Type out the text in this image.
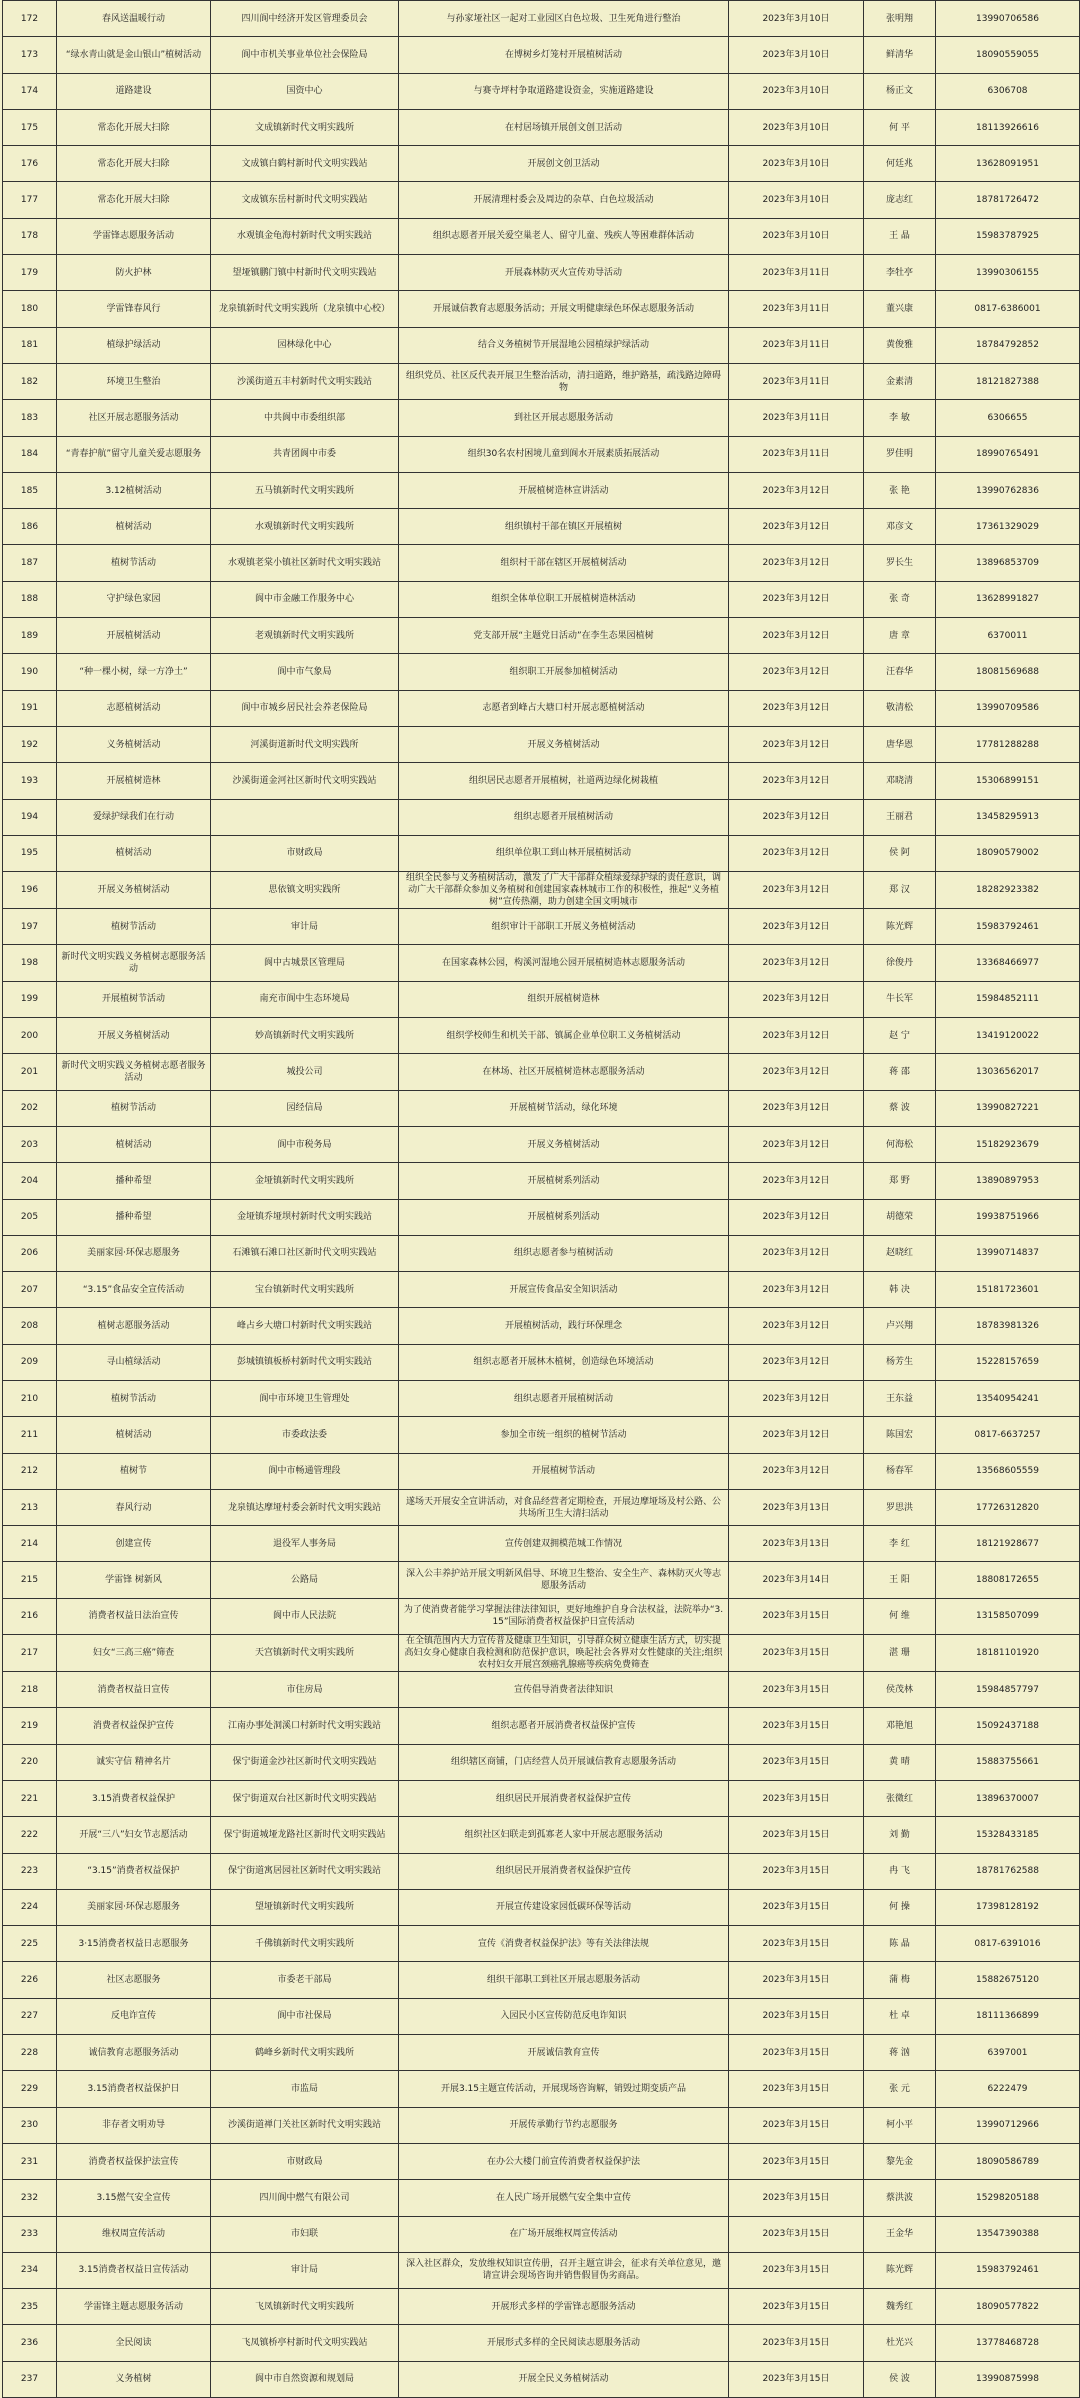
172	春风送温暖行动	四川阆中经济开发区管理委员会	与孙家垭社区一起对工业园区白色垃圾、卫生死角进行整治	2023年3月10日	张明翔	13990706586
173	“绿水青山就是金山银山”植树活动	阆中市机关事业单位社会保险局	在博树乡灯笼村开展植树活动	2023年3月10日	鲜清华	18090559055
174	道路建设	国资中心	与赛寺坪村争取道路建设资金，实施道路建设	2023年3月10日	杨正文	6306708
175	常态化开展大扫除	文成镇新时代文明实践所	在村居场镇开展创文创卫活动	2023年3月10日	何 平	18113926616
176	常态化开展大扫除	文成镇白鹤村新时代文明实践站	开展创文创卫活动	2023年3月10日	何廷兆	13628091951
177	常态化开展大扫除	文成镇东岳村新时代文明实践站	开展清理村委会及周边的杂草、白色垃圾活动	2023年3月10日	庞志红	18781726472
178	学雷锋志愿服务活动	水观镇金龟海村新时代文明实践站	组织志愿者开展关爱空巢老人、留守儿童、残疾人等困难群体活动	2023年3月10日	王 晶	15983787925
179	防火护林	望垭镇鹏门镇中村新时代文明实践站	开展森林防灭火宣传劝导活动	2023年3月11日	李牡亭	13990306155
180	学雷锋春风行	龙泉镇新时代文明实践所（龙泉镇中心校）	开展诚信教育志愿服务活动；开展文明健康绿色环保志愿服务活动	2023年3月11日	董兴康	0817-6386001
181	植绿护绿活动	园林绿化中心	结合义务植树节开展湿地公园植绿护绿活动	2023年3月11日	黄俊雅	18784792852
182	环境卫生整治	沙溪街道五丰村新时代文明实践站	组织党员、社区反代表开展卫生整治活动，清扫道路，维护路基，疏浅路边障碍物	2023年3月11日	金素清	18121827388
183	社区开展志愿服务活动	中共阆中市委组织部	到社区开展志愿服务活动	2023年3月11日	李 敏	6306655
184	“青春护航”留守儿童关爱志愿服务	共青团阆中市委	组织30名农村困境儿童到阆水开展素质拓展活动	2023年3月11日	罗佳明	18990765491
185	3.12植树活动	五马镇新时代文明实践所	开展植树造林宣讲活动	2023年3月12日	张 艳	13990762836
186	植树活动	水观镇新时代文明实践所	组织镇村干部在镇区开展植树	2023年3月12日	邓彦文	17361329029
187	植树节活动	水观镇老棠小镇社区新时代文明实践站	组织村干部在辖区开展植树活动	2023年3月12日	罗长生	13896853709
188	守护绿色家园	阆中市金融工作服务中心	组织全体单位职工开展植树造林活动	2023年3月12日	张 奇	13628991827
189	开展植树活动	老观镇新时代文明实践所	党支部开展“主题党日活动”在李生态果园植树	2023年3月12日	唐 章	6370011
190	“种一棵小树，绿一方净土”	阆中市气象局	组织职工开展参加植树活动	2023年3月12日	汪春华	18081569688
191	志愿植树活动	阆中市城乡居民社会养老保险局	志愿者到峰占大塘口村开展志愿植树活动	2023年3月12日	敬清松	13990709586
192	义务植树活动	河溪街道新时代文明实践所	开展义务植树活动	2023年3月12日	唐华恩	17781288288
193	开展植树造林	沙溪街道金河社区新时代文明实践站	组织居民志愿者开展植树，社道两边绿化树栽植	2023年3月12日	邓晓清	15306899151
194	爱绿护绿我们在行动		组织志愿者开展植树活动	2023年3月12日	王丽君	13458295913
195	植树活动	市财政局	组织单位职工到山林开展植树活动	2023年3月12日	侯 阿	18090579002
196	开展义务植树活动	思依镇文明实践所	组织全民参与义务植树活动，激发了广大干部群众植绿爱绿护绿的责任意识，调动广大干部群众参加义务植树和创建国家森林城市工作的积极性，推起“义务植树”宣传热潮，助力创建全国文明城市	2023年3月12日	郑 汉	18282923382
197	植树节活动	审计局	组织审计干部职工开展义务植树活动	2023年3月12日	陈光辉	15983792461
198	新时代文明实践义务植树志愿服务活动	阆中古城景区管理局	在国家森林公园，构溪河湿地公园开展植树造林志愿服务活动	2023年3月12日	徐俊丹	13368466977
199	开展植树节活动	南充市阆中生态环境局	组织开展植树造林	2023年3月12日	牛长军	15984852111
200	开展义务植树活动	妙高镇新时代文明实践所	组织学校师生和机关干部、镇属企业单位职工义务植树活动	2023年3月12日	赵 宁	13419120022
201	新时代文明实践义务植树志愿者服务活动	城投公司	在林场、社区开展植树造林志愿服务活动	2023年3月12日	蒋 邵	13036562017
202	植树节活动	园经信局	开展植树节活动，绿化环境	2023年3月12日	蔡 波	13990827221
203	植树活动	阆中市税务局	开展义务植树活动	2023年3月12日	何海松	15182923679
204	播种希望	金垭镇新时代文明实践所	开展植树系列活动	2023年3月12日	郑 野	13890897953
205	播种希望	金垭镇乔垭坝村新时代文明实践站	开展植树系列活动	2023年3月12日	胡德荣	19938751966
206	美丽家园·环保志愿服务	石滩镇石滩口社区新时代文明实践站	组织志愿者参与植树活动	2023年3月12日	赵晓红	13990714837
207	“3.15”食品安全宣传活动	宝台镇新时代文明实践所	开展宣传食品安全知识活动	2023年3月12日	韩 决	15181723601
208	植树志愿服务活动	峰占乡大塘口村新时代文明实践站	开展植树活动，践行环保理念	2023年3月12日	卢兴翔	18783981326
209	寻山植绿活动	彭城镇镇板桥村新时代文明实践站	组织志愿者开展林木植树，创造绿色环境活动	2023年3月12日	杨芳生	15228157659
210	植树节活动	阆中市环境卫生管理处	组织志愿者开展植树活动	2023年3月12日	王东益	13540954241
211	植树活动	市委政法委	参加全市统一组织的植树节活动	2023年3月12日	陈国宏	0817-6637257
212	植树节	阆中市畅通管理段	开展植树节活动	2023年3月12日	杨春军	13568605559
213	春风行动	龙泉镇达摩垭村委会新时代文明实践站	遂场天开展安全宣讲活动，对食品经营者定期检查，开展边摩垭场及村公路、公共场所卫生大清扫活动	2023年3月13日	罗思洪	17726312820
214	创建宣传	退役军人事务局	宣传创建双拥模范城工作情况	2023年3月13日	李 红	18121928677
215	学雷锋 树新风	公路局	深入公丰养护站开展文明新风倡导、环境卫生整治、安全生产、森林防灭火等志愿服务活动	2023年3月14日	王 阳	18808172655
216	消费者权益日法治宣传	阆中市人民法院	为了使消费者能学习掌握法律法律知识，更好地维护自身合法权益，法院举办“3.15”国际消费者权益保护日宣传活动	2023年3月15日	何 维	13158507099
217	妇女“三高三癌”筛查	天宫镇新时代文明实践所	在全镇范围内大力宣传普及健康卫生知识，引导群众树立健康生活方式，切实提高妇女身心健康自我检测和防范保护意识，唤起社会各界对女性健康的关注;组织农村妇女开展宫颈癌乳腺癌等疾病免费筛查	2023年3月15日	湛 珊	18181101920
218	消费者权益日宣传	市住房局	宣传倡导消费者法律知识	2023年3月15日	侯茂林	15984857797
219	消费者权益保护宣传	江南办事处洞溪口村新时代文明实践站	组织志愿者开展消费者权益保护宣传	2023年3月15日	邓艳旭	15092437188
220	诚实守信 精神名片	保宁街道金沙社区新时代文明实践站	组织辖区商铺，门店经营人员开展诚信教育志愿服务活动	2023年3月15日	黄 晴	15883755661
221	3.15消费者权益保护	保宁街道双台社区新时代文明实践站	组织居民开展消费者权益保护宣传	2023年3月15日	张微红	13896370007
222	开展“三八”妇女节志愿活动	保宁街道城垭龙路社区新时代文明实践站	组织社区妇联走到孤寡老人家中开展志愿服务活动	2023年3月15日	刘 勤	15328433185
223	“3.15”消费者权益保护	保宁街道寓居园社区新时代文明实践站	组织居民开展消费者权益保护宣传	2023年3月15日	冉 飞	18781762588
224	美丽家园·环保志愿服务	望垭镇新时代文明实践所	开展宣传建设家园低碳环保等活动	2023年3月15日	何 操	17398128192
225	3·15消费者权益日志愿服务	千佛镇新时代文明实践所	宣传《消费者权益保护法》等有关法律法规	2023年3月15日	陈 晶	0817-6391016
226	社区志愿服务	市委老干部局	组织干部职工到社区开展志愿服务活动	2023年3月15日	蒲 梅	15882675120
227	反电诈宣传	阆中市社保局	入园民小区宣传防范反电诈知识	2023年3月15日	杜 卓	18111366899
228	诚信教育志愿服务活动	鹤峰乡新时代文明实践所	开展诚信教育宣传	2023年3月15日	蒋 汹	6397001
229	3.15消费者权益保护日	市监局	开展3.15主题宣传活动，开展现场咨询解，销毁过期变质产品	2023年3月15日	张 元	6222479
230	非存者文明劝导	沙溪街道禅门关社区新时代文明实践站	开展传承勤行节约志愿服务	2023年3月15日	柯小平	13990712966
231	消费者权益保护法宣传	市财政局	在办公大楼门前宣传消费者权益保护法	2023年3月15日	黎先金	18090586789
232	3.15燃气安全宣传	四川阆中燃气有限公司	在人民广场开展燃气安全集中宣传	2023年3月15日	蔡洪波	15298205188
233	维权周宣传活动	市妇联	在广场开展维权周宣传活动	2023年3月15日	王金华	13547390388
234	3.15消费者权益日宣传活动	审计局	深入社区群众，发放维权知识宣传册，召开主题宣讲会，征求有关单位意见，邀请宣讲会现场咨询并销售假冒伪劣商品。	2023年3月15日	陈光辉	15983792461
235	学雷锋主题志愿服务活动	飞凤镇新时代文明实践所	开展形式多样的学雷锋志愿服务活动	2023年3月15日	魏秀红	18090577822
236	全民阅读	飞凤镇桥亭村新时代文明实践站	开展形式多样的全民阅读志愿服务活动	2023年3月15日	杜光兴	13778468728
237	义务植树	阆中市自然资源和规划局	开展全民义务植树活动	2023年3月15日	侯 波	13990875998
